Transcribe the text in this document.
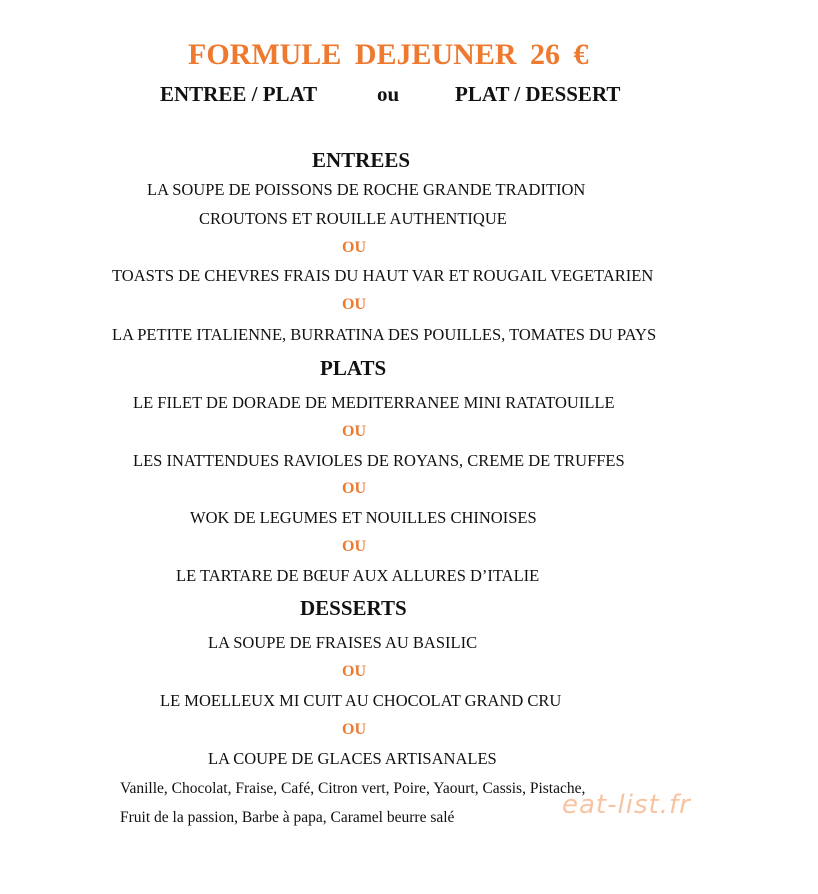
FORMULE DEJEUNER 26 €
ENTREE / PLAT	ou	PLAT / DESSERT
ENTREES
LA SOUPE DE POISSONS DE ROCHE GRANDE TRADITION
CROUTONS ET ROUILLE AUTHENTIQUE
OU
TOASTS DE CHEVRES FRAIS DU HAUT VAR ET ROUGAIL VEGETARIEN
OU
LA PETITE ITALIENNE, BURRATINA DES POUILLES, TOMATES DU PAYS
PLATS
LE FILET DE DORADE DE MEDITERRANEE MINI RATATOUILLE
OU
LES INATTENDUES RAVIOLES DE ROYANS, CREME DE TRUFFES
OU
WOK DE LEGUMES ET NOUILLES CHINOISES
OU
LE TARTARE DE BŒUF AUX ALLURES D’ITALIE
DESSERTS
LA SOUPE DE FRAISES AU BASILIC
OU
LE MOELLEUX MI CUIT AU CHOCOLAT GRAND CRU
OU
LA COUPE DE GLACES ARTISANALES
Vanille, Chocolat, Fraise, Café, Citron vert, Poire, Yaourt, Cassis, Pistache,
Fruit de la passion, Barbe à papa, Caramel beurre salé	eat-list.fr
